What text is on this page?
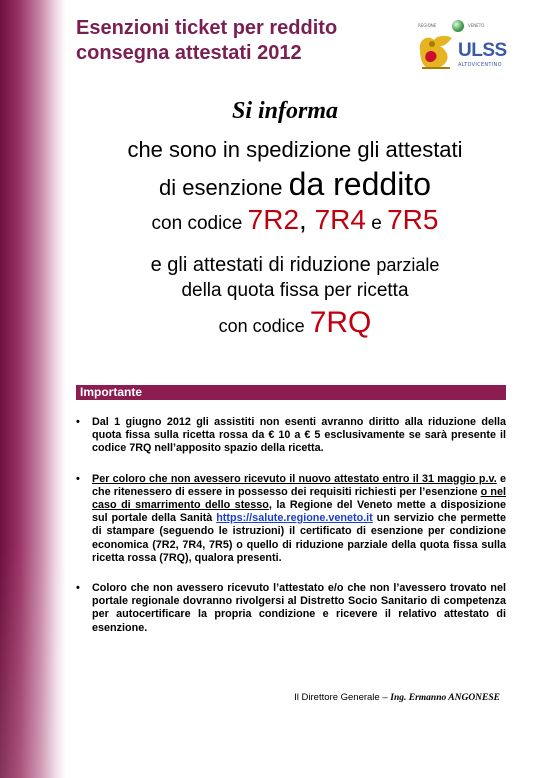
Esenzioni ticket per reddito
consegna attestati 2012
REGIONE	VENETO
ULSS
ALTOVICENTINO
Si informa
che sono in spedizione gli attestati
di esenzione da reddito
con codice 7R2, 7R4 e 7R5
e gli attestati di riduzione parziale
della quota fissa per ricetta
con codice 7RQ
Importante
• Dal 1 giugno 2012 gli assistiti non esenti avranno diritto alla riduzione della quota fissa sulla ricetta rossa da € 10 a € 5 esclusivamente se sarà presente il codice 7RQ nell’apposito spazio della ricetta.
• Per coloro che non avessero ricevuto il nuovo attestato entro il 31 maggio p.v. e che ritenessero di essere in possesso dei requisiti richiesti per l’esenzione o nel caso di smarrimento dello stesso, la Regione del Veneto mette a disposizione sul portale della Sanità https://salute.regione.veneto.it un servizio che permette di stampare (seguendo le istruzioni) il certificato di esenzione per condizione economica (7R2, 7R4, 7R5) o quello di riduzione parziale della quota fissa sulla ricetta rossa (7RQ), qualora presenti.
• Coloro che non avessero ricevuto l’attestato e/o che non l’avessero trovato nel portale regionale dovranno rivolgersi al Distretto Socio Sanitario di competenza per autocertificare la propria condizione e ricevere il relativo attestato di esenzione.
Il Direttore Generale – Ing. Ermanno ANGONESE
